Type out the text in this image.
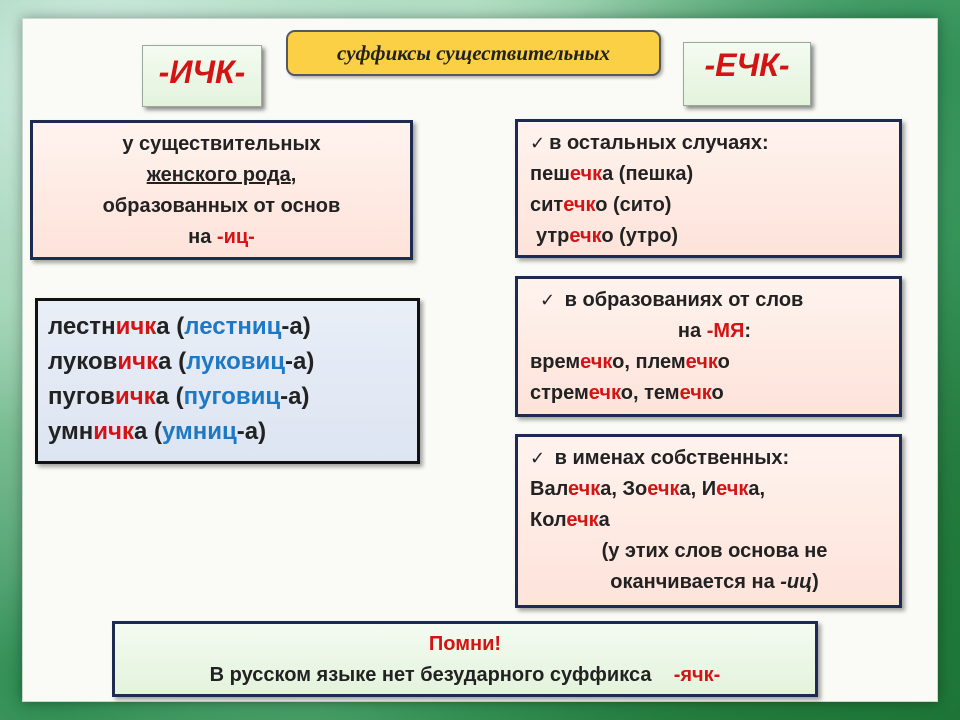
суффиксы существительных
-ИЧК-	-ЕЧК-
у существительных
женского рода,
образованных от основ
на -иц-
лестничка (лестниц-а)
луковичка (луковиц-а)
пуговичка (пуговиц-а)
умничка (умниц-а)
✓ в остальных случаях:
пешечка (пешка)
ситечко (сито)
утречко (утро)
✓ в образованиях от слов
на -МЯ:
времечко, племечко
стремечко, темечко
✓ в именах собственных:
Валечка, Зоечка, Иечка,
Колечка
(у этих слов основа не
оканчивается на -иц)
Помни!
В русском языке нет безударного суффикса -ячк-
